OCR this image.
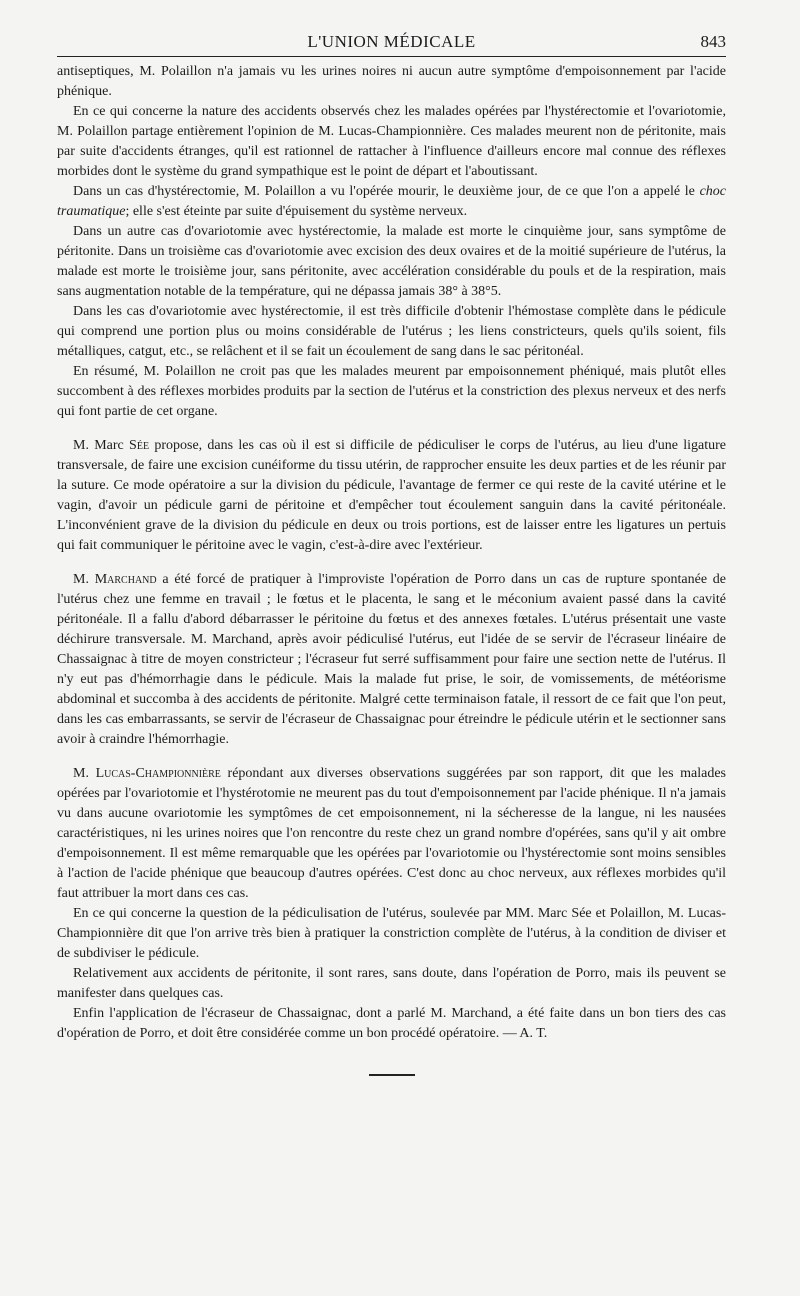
L'UNION MÉDICALE	843

antiseptiques, M. Polaillon n'a jamais vu les urines noires ni aucun autre symptôme d'empoisonnement par l'acide phénique.

En ce qui concerne la nature des accidents observés chez les malades opérées par l'hystérectomie et l'ovariotomie, M. Polaillon partage entièrement l'opinion de M. Lucas-Championnière. Ces malades meurent non de péritonite, mais par suite d'accidents étranges, qu'il est rationnel de rattacher à l'influence d'ailleurs encore mal connue des réflexes morbides dont le système du grand sympathique est le point de départ et l'aboutissant.

Dans un cas d'hystérectomie, M. Polaillon a vu l'opérée mourir, le deuxième jour, de ce que l'on a appelé le choc traumatique; elle s'est éteinte par suite d'épuisement du système nerveux.

Dans un autre cas d'ovariotomie avec hystérectomie, la malade est morte le cinquième jour, sans symptôme de péritonite. Dans un troisième cas d'ovariotomie avec excision des deux ovaires et de la moitié supérieure de l'utérus, la malade est morte le troisième jour, sans péritonite, avec accélération considérable du pouls et de la respiration, mais sans augmentation notable de la température, qui ne dépassa jamais 38° à 38°5.

Dans les cas d'ovariotomie avec hystérectomie, il est très difficile d'obtenir l'hémostase complète dans le pédicule qui comprend une portion plus ou moins considérable de l'utérus ; les liens constricteurs, quels qu'ils soient, fils métalliques, catgut, etc., se relâchent et il se fait un écoulement de sang dans le sac péritonéal.

En résumé, M. Polaillon ne croit pas que les malades meurent par empoisonnement phéniqué, mais plutôt elles succombent à des réflexes morbides produits par la section de l'utérus et la constriction des plexus nerveux et des nerfs qui font partie de cet organe.

M. Marc Sée propose, dans les cas où il est si difficile de pédiculiser le corps de l'utérus, au lieu d'une ligature transversale, de faire une excision cunéiforme du tissu utérin, de rapprocher ensuite les deux parties et de les réunir par la suture. Ce mode opératoire a sur la division du pédicule, l'avantage de fermer ce qui reste de la cavité utérine et le vagin, d'avoir un pédicule garni de péritoine et d'empêcher tout écoulement sanguin dans la cavité péritonéale. L'inconvénient grave de la division du pédicule en deux ou trois portions, est de laisser entre les ligatures un pertuis qui fait communiquer le péritoine avec le vagin, c'est-à-dire avec l'extérieur.

M. Marchand a été forcé de pratiquer à l'improviste l'opération de Porro dans un cas de rupture spontanée de l'utérus chez une femme en travail ; le fœtus et le placenta, le sang et le méconium avaient passé dans la cavité péritonéale. Il a fallu d'abord débarrasser le péritoine du fœtus et des annexes fœtales. L'utérus présentait une vaste déchirure transversale. M. Marchand, après avoir pédiculisé l'utérus, eut l'idée de se servir de l'écraseur linéaire de Chassaignac à titre de moyen constricteur ; l'écraseur fut serré suffisamment pour faire une section nette de l'utérus. Il n'y eut pas d'hémorrhagie dans le pédicule. Mais la malade fut prise, le soir, de vomissements, de météorisme abdominal et succomba à des accidents de péritonite. Malgré cette terminaison fatale, il ressort de ce fait que l'on peut, dans les cas embarrassants, se servir de l'écraseur de Chassaignac pour étreindre le pédicule utérin et le sectionner sans avoir à craindre l'hémorrhagie.

M. Lucas-Championnière répondant aux diverses observations suggérées par son rapport, dit que les malades opérées par l'ovariotomie et l'hystérotomie ne meurent pas du tout d'empoisonnement par l'acide phénique. Il n'a jamais vu dans aucune ovariotomie les symptômes de cet empoisonnement, ni la sécheresse de la langue, ni les nausées caractéristiques, ni les urines noires que l'on rencontre du reste chez un grand nombre d'opérées, sans qu'il y ait ombre d'empoisonnement. Il est même remarquable que les opérées par l'ovariotomie ou l'hystérectomie sont moins sensibles à l'action de l'acide phénique que beaucoup d'autres opérées. C'est donc au choc nerveux, aux réflexes morbides qu'il faut attribuer la mort dans ces cas.

En ce qui concerne la question de la pédiculisation de l'utérus, soulevée par MM. Marc Sée et Polaillon, M. Lucas-Championnière dit que l'on arrive très bien à pratiquer la constriction complète de l'utérus, à la condition de diviser et de subdiviser le pédicule.

Relativement aux accidents de péritonite, il sont rares, sans doute, dans l'opération de Porro, mais ils peuvent se manifester dans quelques cas.

Enfin l'application de l'écraseur de Chassaignac, dont a parlé M. Marchand, a été faite dans un bon tiers des cas d'opération de Porro, et doit être considérée comme un bon procédé opératoire. — A. T.
